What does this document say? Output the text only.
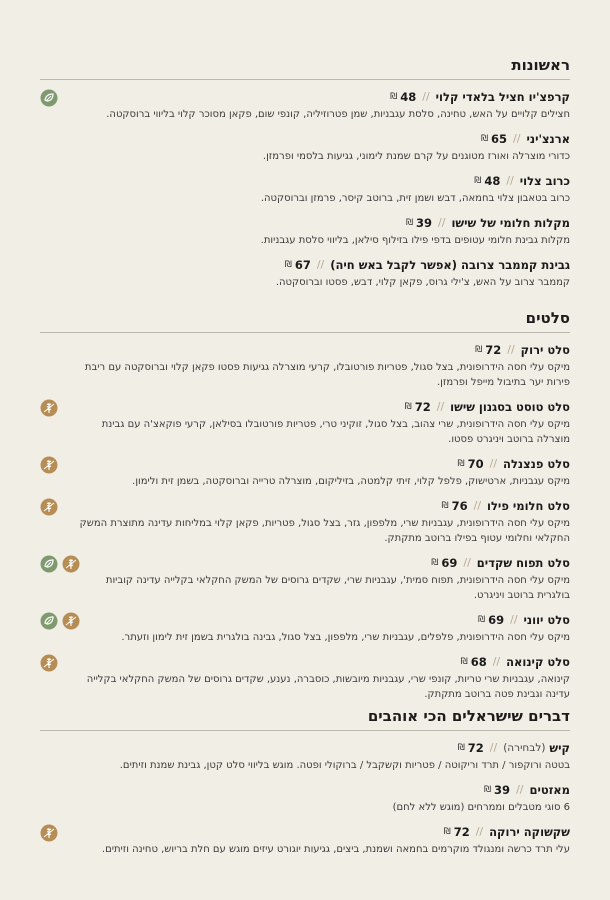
ראשונות
קרפצ'יו חציל בלאדי קלוי
//
48
₪
חצילים קלויים על האש, טחינה, סלסת עגבניות, שמן פטרוזיליה, קונפי שום, פקאן מסוכר קלוי בליווי ברוסקטה.
ארנצ'יני
//
65
₪
כדורי מוצרלה ואורז מטוגנים על קרם שמנת לימוני, גגיעות בלסמי ופרמזן.
כרוב צלוי
//
48
₪
כרוב בטאבון צלוי בחמאה, דבש ושמן זית, ברוטב קיסר, פרמזן וברוסקטה.
מקלות חלומי של שישו
//
39
₪
מקלות גבינת חלומי עטופים בדפי פילו בזילוף סילאן, בליווי סלסת עגבניות.
גבינת קממבר צרובה (אפשר לקבל באש חיה)
//
67
₪
קממבר צרוב על האש, צ'ילי גרוס, פקאן קלוי, דבש, פסטו וברוסקטה.
סלטים
סלט ירוק
//
72
₪
מיקס עלי חסה הידרופונית, בצל סגול, פטריות פורטובלו, קרעי מוצרלה גגיעות פסטו פקאן קלוי וברוסקטה עם ריבת פירות יער בתיבול מייפל ופרמזן.
סלט טוסט בסגנון שישו
//
72
₪
מיקס עלי חסה הידרופונית, שרי צהוב, בצל סגול, זוקיני טרי, פטריות פורטובלו בסילאן, קרעי פוקאצ'ה עם גבינת מוצרלה ברוטב ויניגרט פסטו.
סלט פנצנלה
//
70
₪
מיקס עגבניות, ארטישוק, פלפל קלוי, זיתי קלמטה, בזיליקום, מוצרלה טרייה וברוסקטה, בשמן זית ולימון.
סלט חלומי פילו
//
76
₪
מיקס עלי חסה הידרופונית, עגבניות שרי, מלפפון, גזר, בצל סגול, פטריות, פקאן קלוי במליחות עדינה מתוצרת המשק החקלאי וחלומי עטוף בפילו ברוטב מתקתק.
סלט תפוח שקדים
//
69
₪
מיקס עלי חסה הידרופונית, תפוח סמית', עגבניות שרי, שקדים גרוסים של המשק החקלאי בקלייה עדינה קוביות בולגרית ברוטב ויניגרט.
סלט יווני
//
69
₪
מיקס עלי חסה הידרופונית, פלפלים, עגבניות שרי, מלפפון, בצל סגול, גבינה בולגרית בשמן זית לימון וזעתר.
סלט קינואה
//
68
₪
קינואה, עגבניות שרי טריות, קונפי שרי, עגבניות מיובשות, כוסברה, נענע, שקדים גרוסים של המשק החקלאי בקלייה עדינה וגבינת פטה ברוטב מתקתק.
דברים שישראלים הכי אוהבים
קיש
(לבחירה)
//
72
₪
בטטה ורוקפור / תרד וריקוטה / פטריות וקשקבל / ברוקולי ופטה. מוגש בליווי סלט קטן, גבינת שמנת וזיתים.
מאזטים
//
39
₪
6 סוגי מטבלים וממרחים (מוגש ללא לחם)
שקשוקה ירוקה
//
72
₪
עלי תרד כרשה ומנגולד מוקרמים בחמאה ושמנת, ביצים, גגיעות יוגורט עיזים מוגש עם חלת בריוש, טחינה וזיתים.
